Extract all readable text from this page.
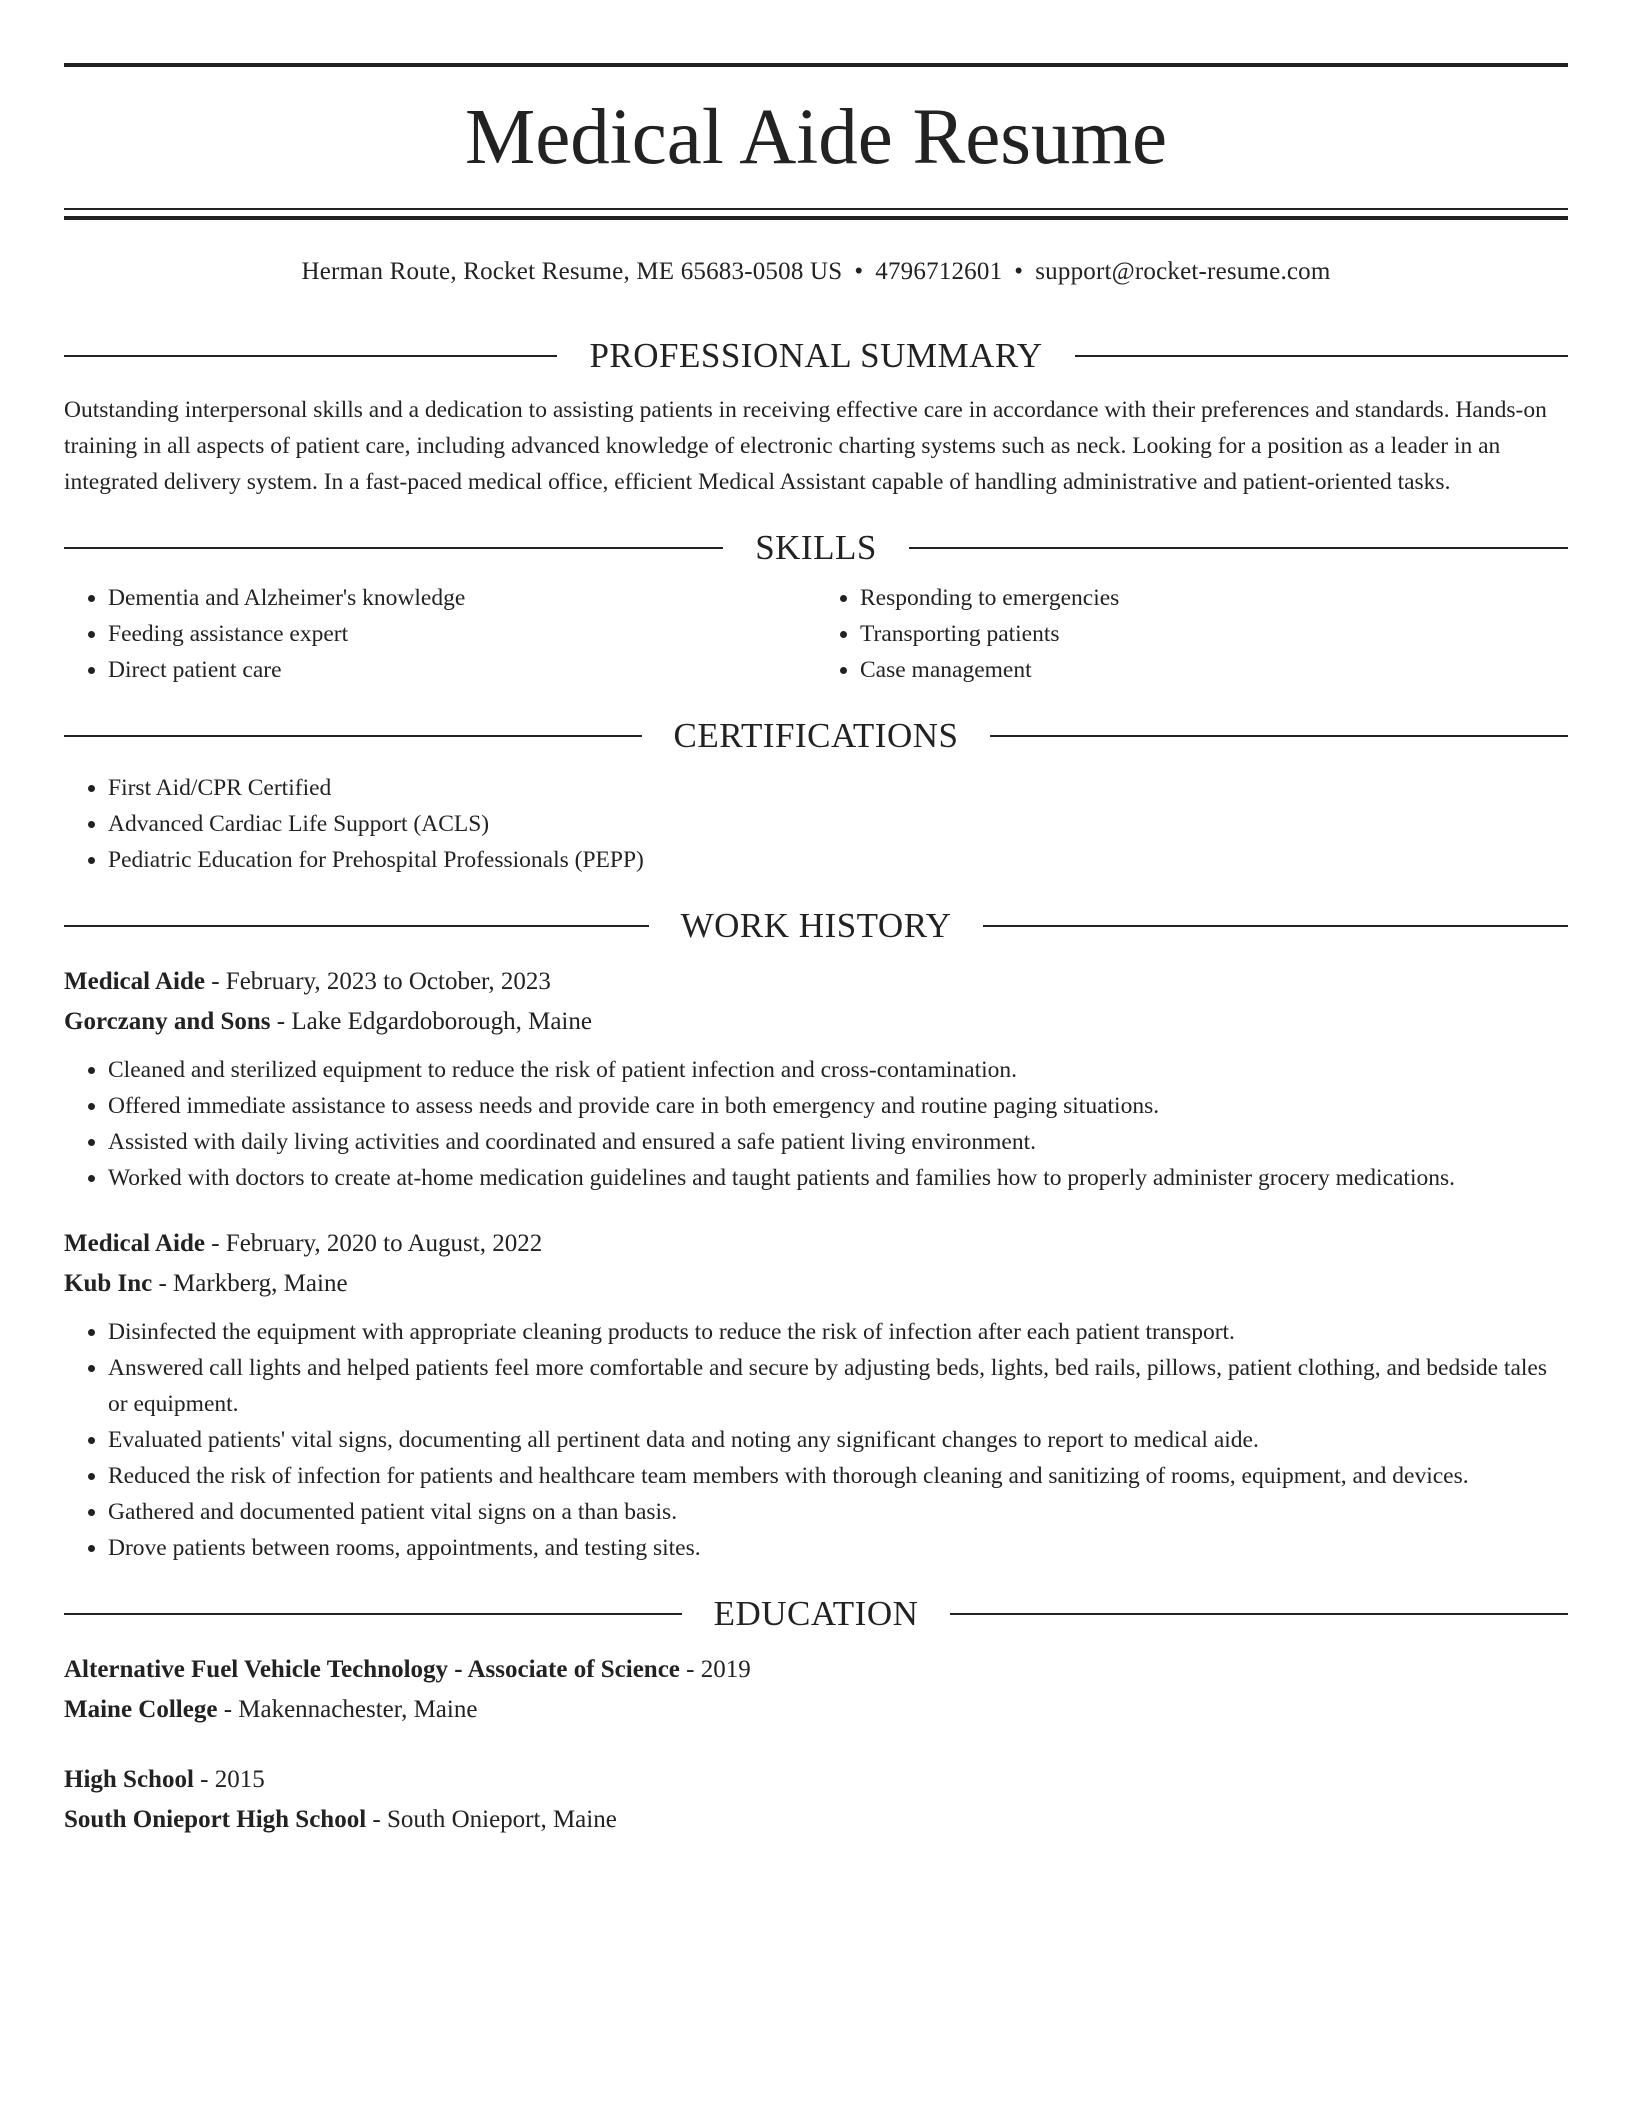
Medical Aide Resume
Herman Route, Rocket Resume, ME 65683-0508 US • 4796712601 • support@rocket-resume.com
PROFESSIONAL SUMMARY

Outstanding interpersonal skills and a dedication to assisting patients in receiving effective care in accordance with their preferences and standards. Hands-on training in all aspects of patient care, including advanced knowledge of electronic charting systems such as neck. Looking for a position as a leader in an integrated delivery system. In a fast-paced medical office, efficient Medical Assistant capable of handling administrative and patient-oriented tasks.

SKILLS
• Dementia and Alzheimer's knowledge
• Feeding assistance expert
• Direct patient care
• Responding to emergencies
• Transporting patients
• Case management
CERTIFICATIONS
• First Aid/CPR Certified
• Advanced Cardiac Life Support (ACLS)
• Pediatric Education for Prehospital Professionals (PEPP)
WORK HISTORY
Medical Aide - February, 2023 to October, 2023
Gorczany and Sons - Lake Edgardoborough, Maine
• Cleaned and sterilized equipment to reduce the risk of patient infection and cross-contamination.
• Offered immediate assistance to assess needs and provide care in both emergency and routine paging situations.
• Assisted with daily living activities and coordinated and ensured a safe patient living environment.
• Worked with doctors to create at-home medication guidelines and taught patients and families how to properly administer grocery medications.
Medical Aide - February, 2020 to August, 2022
Kub Inc - Markberg, Maine
• Disinfected the equipment with appropriate cleaning products to reduce the risk of infection after each patient transport.
• Answered call lights and helped patients feel more comfortable and secure by adjusting beds, lights, bed rails, pillows, patient clothing, and bedside tales or equipment.
• Evaluated patients' vital signs, documenting all pertinent data and noting any significant changes to report to medical aide.
• Reduced the risk of infection for patients and healthcare team members with thorough cleaning and sanitizing of rooms, equipment, and devices.
• Gathered and documented patient vital signs on a than basis.
• Drove patients between rooms, appointments, and testing sites.
EDUCATION
Alternative Fuel Vehicle Technology - Associate of Science - 2019
Maine College - Makennachester, Maine
High School - 2015
South Onieport High School - South Onieport, Maine
